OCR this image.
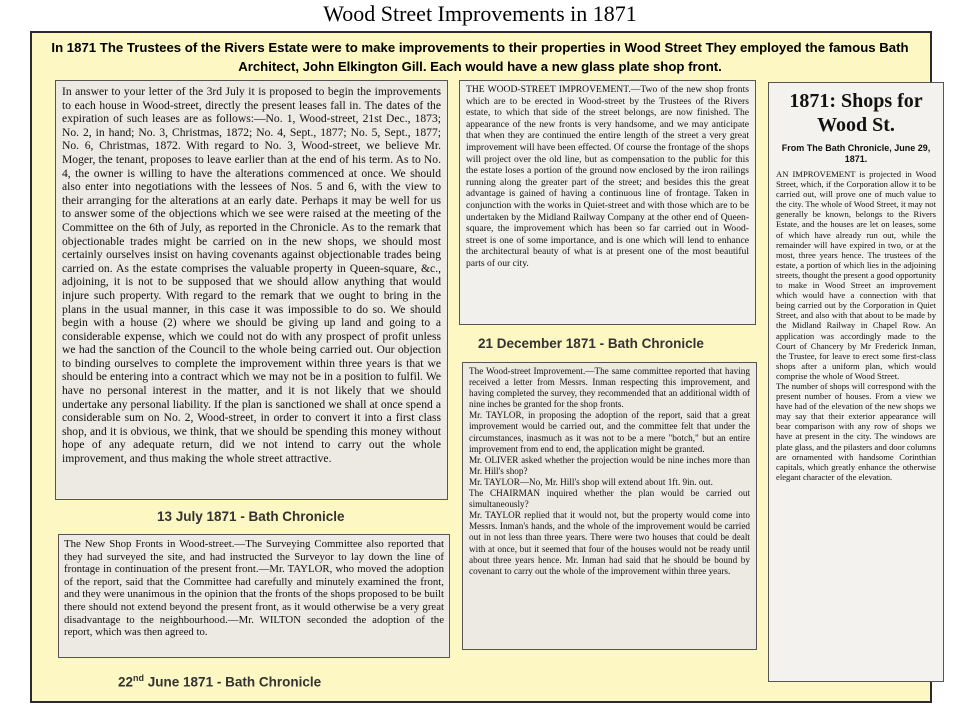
Wood Street Improvements in 1871
In 1871 The Trustees of the Rivers Estate were to make improvements to their properties in Wood Street They employed the famous Bath Architect, John Elkington Gill. Each would have a new glass plate shop front.
In answer to your letter of the 3rd July it is proposed to begin the improvements to each house in Wood-street, directly the present leases fall in. The dates of the expiration of such leases are as follows:—No. 1, Wood-street, 21st Dec., 1873; No. 2, in hand; No. 3, Christmas, 1872; No. 4, Sept., 1877; No. 5, Sept., 1877; No. 6, Christmas, 1872. With regard to No. 3, Wood-street, we believe Mr. Moger, the tenant, proposes to leave earlier than at the end of his term. As to No. 4, the owner is willing to have the alterations commenced at once. We should also enter into negotiations with the lessees of Nos. 5 and 6, with the view to their arranging for the alterations at an early date. Perhaps it may be well for us to answer some of the objections which we see were raised at the meeting of the Committee on the 6th of July, as reported in the Chronicle. As to the remark that objectionable trades might be carried on in the new shops, we should most certainly ourselves insist on having covenants against objectionable trades being carried on. As the estate comprises the valuable property in Queen-square, &c., adjoining, it is not to be supposed that we should allow anything that would injure such property. With regard to the remark that we ought to bring in the plans in the usual manner, in this case it was impossible to do so. We should begin with a house (2) where we should be giving up land and going to a considerable expense, which we could not do with any prospect of profit unless we had the sanction of the Council to the whole being carried out. Our objection to binding ourselves to complete the improvement within three years is that we should be entering into a contract which we may not be in a position to fulfil. We have no personal interest in the matter, and it is not likely that we should undertake any personal liability. If the plan is sanctioned we shall at once spend a considerable sum on No. 2, Wood-street, in order to convert it into a first class shop, and it is obvious, we think, that we should be spending this money without hope of any adequate return, did we not intend to carry out the whole improvement, and thus making the whole street attractive.
13 July 1871 - Bath Chronicle
THE WOOD-STREET IMPROVEMENT.—Two of the new shop fronts which are to be erected in Wood-street by the Trustees of the Rivers estate, to which that side of the street belongs, are now finished. The appearance of the new fronts is very handsome, and we may anticipate that when they are continued the entire length of the street a very great improvement will have been effected. Of course the frontage of the shops will project over the old line, but as compensation to the public for this the estate loses a portion of the ground now enclosed by the iron railings running along the greater part of the street; and besides this the great advantage is gained of having a continuous line of frontage. Taken in conjunction with the works in Quiet-street and with those which are to be undertaken by the Midland Railway Company at the other end of Queen-square, the improvement which has been so far carried out in Wood-street is one of some importance, and is one which will lend to enhance the architectural beauty of what is at present one of the most beautiful parts of our city.
21 December 1871 - Bath Chronicle
The Wood-street Improvement.—The same committee reported that having received a letter from Messrs. Inman respecting this improvement, and having completed the survey, they recommended that an additional width of nine inches be granted for the shop fronts.
Mr. TAYLOR, in proposing the adoption of the report, said that a great improvement would be carried out, and the committee felt that under the circumstances, inasmuch as it was not to be a mere "botch," but an entire improvement from end to end, the application might be granted.
Mr. OLIVER asked whether the projection would be nine inches more than Mr. Hill's shop?
Mr. TAYLOR—No, Mr. Hill's shop will extend about 1ft. 9in. out.
The CHAIRMAN inquired whether the plan would be carried out simultaneously?
Mr. TAYLOR replied that it would not, but the property would come into Messrs. Inman's hands, and the whole of the improvement would be carried out in not less than three years. There were two houses that could be dealt with at once, but it seemed that four of the houses would not be ready until about three years hence. Mr. Inman had said that he should be bound by covenant to carry out the whole of the improvement within three years.
1871: Shops for Wood St.
From The Bath Chronicle, June 29, 1871.
AN IMPROVEMENT is projected in Wood Street, which, if the Corporation allow it to be carried out, will prove one of much value to the city. The whole of Wood Street, it may not generally be known, belongs to the Rivers Estate, and the houses are let on leases, some of which have already run out, while the remainder will have expired in two, or at the most, three years hence. The trustees of the estate, a portion of which lies in the adjoining streets, thought the present a good opportunity to make in Wood Street an improvement which would have a connection with that being carried out by the Corporation in Quiet Street, and also with that about to be made by the Midland Railway in Chapel Row. An application was accordingly made to the Court of Chancery by Mr Frederick Inman, the Trustee, for leave to erect some first-class shops after a uniform plan, which would comprise the whole of Wood Street.
The number of shops will correspond with the present number of houses. From a view we have had of the elevation of the new shops we may say that their exterior appearance will bear comparison with any row of shops we have at present in the city. The windows are plate glass, and the pilasters and door columns are ornamented with handsome Corinthian capitals, which greatly enhance the otherwise elegant character of the elevation.
The New Shop Fronts in Wood-street.—The Surveying Committee also reported that they had surveyed the site, and had instructed the Surveyor to lay down the line of frontage in continuation of the present front.—Mr. TAYLOR, who moved the adoption of the report, said that the Committee had carefully and minutely examined the front, and they were unanimous in the opinion that the fronts of the shops proposed to be built there should not extend beyond the present front, as it would otherwise be a very great disadvantage to the neighbourhood.—Mr. WILTON seconded the adoption of the report, which was then agreed to.
22nd June 1871 - Bath Chronicle
